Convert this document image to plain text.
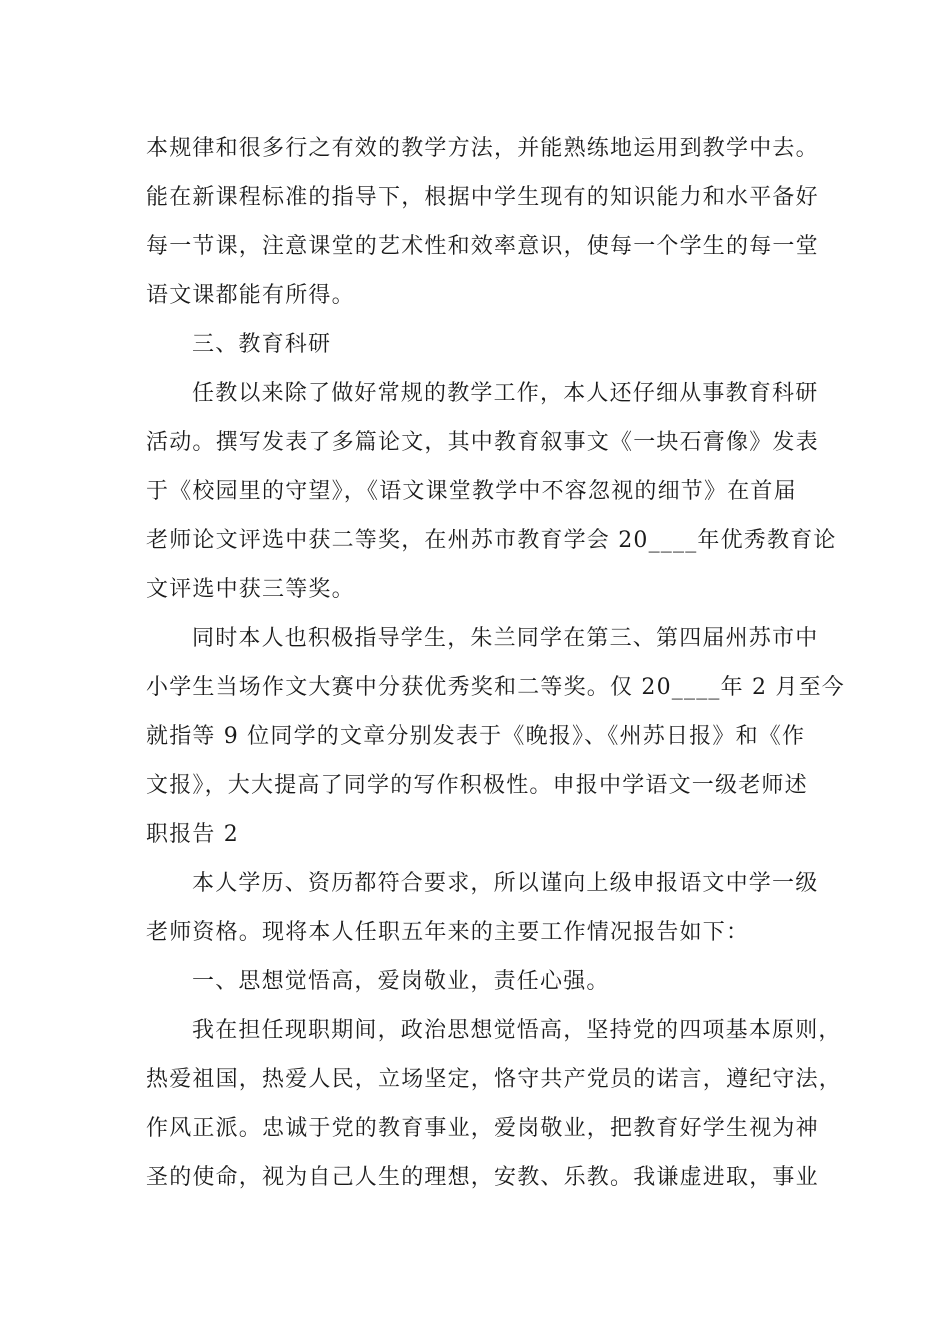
本规律和很多行之有效的教学方法，并能熟练地运用到教学中去。
能在新课程标准的指导下，根据中学生现有的知识能力和水平备好
每一节课，注意课堂的艺术性和效率意识，使每一个学生的每一堂
语文课都能有所得。
三、教育科研
任教以来除了做好常规的教学工作，本人还仔细从事教育科研
活动。撰写发表了多篇论文，其中教育叙事文《一块石膏像》发表
于《校园里的守望》，《语文课堂教学中不容忽视的细节》在首届
老师论文评选中获二等奖，在州苏市教育学会 20____年优秀教育论
文评选中获三等奖。
同时本人也积极指导学生，朱兰同学在第三、第四届州苏市中
小学生当场作文大赛中分获优秀奖和二等奖。仅 20____年 2 月至今
就指等 9 位同学的文章分别发表于《晚报》、《州苏日报》和《作
文报》，大大提高了同学的写作积极性。申报中学语文一级老师述
职报告 2
本人学历、资历都符合要求，所以谨向上级申报语文中学一级
老师资格。现将本人任职五年来的主要工作情况报告如下：
一、思想觉悟高，爱岗敬业，责任心强。
我在担任现职期间，政治思想觉悟高，坚持党的四项基本原则，
热爱祖国，热爱人民，立场坚定，恪守共产党员的诺言，遵纪守法，
作风正派。忠诚于党的教育事业，爱岗敬业，把教育好学生视为神
圣的使命，视为自己人生的理想，安教、乐教。我谦虚进取，事业
